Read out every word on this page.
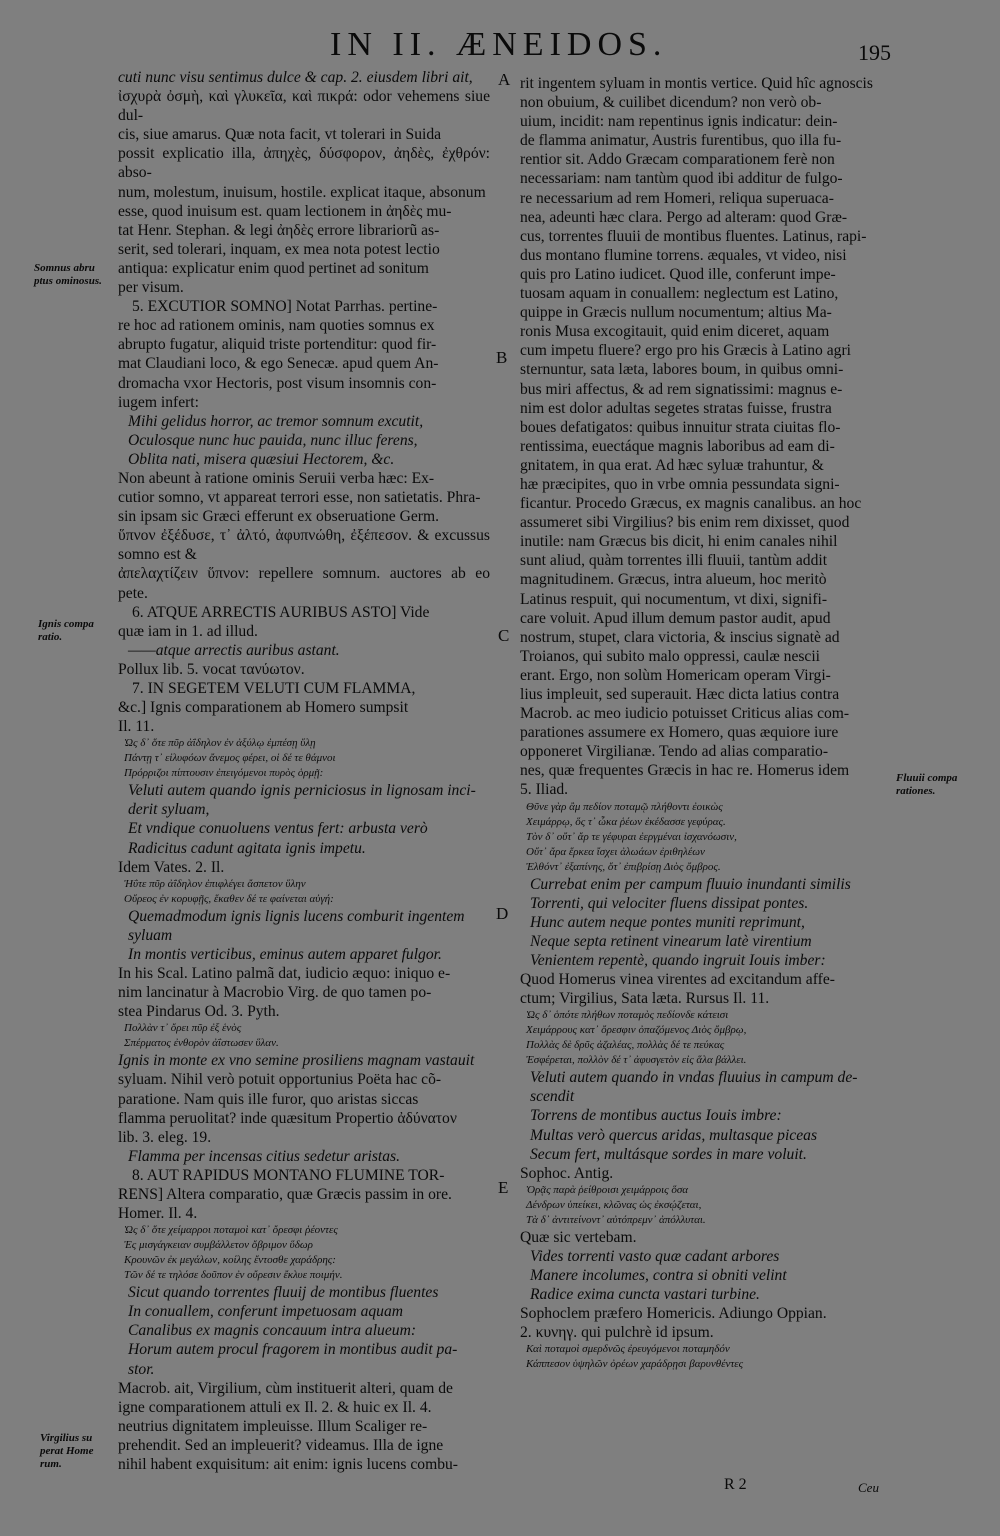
IN II. ÆNEIDOS.	195

cuti nunc visu sentimus dulce & cap. 2. eiusdem libri ait,

ἰσχυρὰ ὀσμὴ, καὶ γλυκεῖα, καὶ πικρά: odor vehemens siue dul-

cis, siue amarus. Quæ nota facit, vt tolerari in Suida

possit explicatio illa, ἀπηχὲς, δύσφορον, ἀηδὲς, ἐχθρόν: abso-

num, molestum, inuisum, hostile. explicat itaque, absonum

esse, quod inuisum est. quam lectionem in ἀηδὲς mu-

tat Henr. Stephan. & legi ἀηδὲς errore librariorũ as-

serit, sed tolerari, inquam, ex mea nota potest lectio

antiqua: explicatur enim quod pertinet ad sonitum

per visum.

5. EXCUTIOR SOMNO] Notat Parrhas. pertine-

re hoc ad rationem ominis, nam quoties somnus ex

abrupto fugatur, aliquid triste portenditur: quod fir-

mat Claudiani loco, & ego Senecæ. apud quem An-

dromacha vxor Hectoris, post visum insomnis con-

iugem infert:

Mihi gelidus horror, ac tremor somnum excutit,

Oculosque nunc huc pauida, nunc illuc ferens,

Oblita nati, misera quæsiui Hectorem, &c.

Non abeunt à ratione ominis Seruii verba hæc: Ex-

cutior somno, vt appareat terrori esse, non satietatis. Phra-

sin ipsam sic Græci efferunt ex obseruatione Germ.

ὕπνον ἐξέδυσε, τ᾽ ἀλτό, ἀφυπνώθη, ἐξέπεσον. & excussus somno est &

ἀπελαχτίζειν ὕπνον: repellere somnum. auctores ab eo pete.

6. ATQUE ARRECTIS AURIBUS ASTO] Vide

quæ iam in 1. ad illud.

——atque arrectis auribus astant.

Pollux lib. 5. vocat τανύωτον.

7. IN SEGETEM VELUTI CUM FLAMMA,

&c.] Ignis comparationem ab Homero sumpsit

Il. 11.

Ὡς δ᾽ ὅτε πῦρ ἀΐδηλον ἐν ἀξύλῳ ἐμπέσῃ ὕλῃ

Πάντῃ τ᾽ εἰλυφόων ἄνεμος φέρει, οἱ δέ τε θάμνοι

Πρόρριζοι πίπτουσιν ἐπειγόμενοι πυρὸς ὁρμῇ:

Veluti autem quando ignis perniciosus in lignosam inci-

derit syluam,

Et vndique conuoluens ventus fert: arbusta verò

Radicitus cadunt agitata ignis impetu.

Idem Vates. 2. Il.

Ἠΰτε πῦρ ἀΐδηλον ἐπιφλέγει ἄσπετον ὕλην

Οὔρεος ἐν κορυφῇς, ἕκαθεν δέ τε φαίνεται αὐγή:

Quemadmodum ignis lignis lucens comburit ingentem

syluam

In montis verticibus, eminus autem apparet fulgor.

In his Scal. Latino palmã dat, iudicio æquo: iniquo e-

nim lancinatur à Macrobio Virg. de quo tamen po-

stea Pindarus Od. 3. Pyth.

Πολλὰν τ᾽ ὄρει πῦρ ἐξ ἑνὸς

Σπέρματος ἐνθορὸν ἀΐστωσεν ὕλαν.

Ignis in monte ex vno semine prosiliens magnam vastauit

syluam. Nihil verò potuit opportunius Poëta hac cõ-

paratione. Nam quis ille furor, quo aristas siccas

flamma peruolitat? inde quæsitum Propertio ἀδύνατον

lib. 3. eleg. 19.

Flamma per incensas citius sedetur aristas.

8. AUT RAPIDUS MONTANO FLUMINE TOR-

RENS] Altera comparatio, quæ Græcis passim in ore.

Homer. Il. 4.

Ὡς δ᾽ ὅτε χείμαρροι ποταμοὶ κατ᾽ ὄρεσφι ῥέοντες

Ἐς μισγάγκειαν συμβάλλετον ὄβριμον ὕδωρ

Κρουνῶν ἐκ μεγάλων, κοίλης ἔντοσθε χαράδρης:

Τῶν δέ τε τηλόσε δοῦπον ἐν οὔρεσιν ἔκλυε ποιμήν.

Sicut quando torrentes fluuij de montibus fluentes

In conuallem, conferunt impetuosam aquam

Canalibus ex magnis concauum intra alueum:

Horum autem procul fragorem in montibus audit pa-

stor.

Macrob. ait, Virgilium, cùm instituerit alteri, quam de

igne comparationem attuli ex Il. 2. & huic ex Il. 4.

neutrius dignitatem impleuisse. Illum Scaliger re-

prehendit. Sed an impleuerit? videamus. Illa de igne

nihil habent exquisitum: ait enim: ignis lucens combu-

rit ingentem syluam in montis vertice. Quid hîc agnoscis

non obuium, & cuilibet dicendum? non verò ob-

uium, incidit: nam repentinus ignis indicatur: dein-

de flamma animatur, Austris furentibus, quo illa fu-

rentior sit. Addo Græcam comparationem ferè non

necessariam: nam tantùm quod ibi additur de fulgo-

re necessarium ad rem Homeri, reliqua superuaca-

nea, adeunti hæc clara. Pergo ad alteram: quod Græ-

cus, torrentes fluuii de montibus fluentes. Latinus, rapi-

dus montano flumine torrens. æquales, vt video, nisi

quis pro Latino iudicet. Quod ille, conferunt impe-

tuosam aquam in conuallem: neglectum est Latino,

quippe in Græcis nullum nocumentum; altius Ma-

ronis Musa excogitauit, quid enim diceret, aquam

cum impetu fluere? ergo pro his Græcis à Latino agri

sternuntur, sata læta, labores boum, in quibus omni-

bus miri affectus, & ad rem signatissimi: magnus e-

nim est dolor adultas segetes stratas fuisse, frustra

boues defatigatos: quibus innuitur strata ciuitas flo-

rentissima, euectáque magnis laboribus ad eam di-

gnitatem, in qua erat. Ad hæc syluæ trahuntur, &

hæ præcipites, quo in vrbe omnia pessundata signi-

ficantur. Procedo Græcus, ex magnis canalibus. an hoc

assumeret sibi Virgilius? bis enim rem dixisset, quod

inutile: nam Græcus bis dicit, hi enim canales nihil

sunt aliud, quàm torrentes illi fluuii, tantùm addit

magnitudinem. Græcus, intra alueum, hoc meritò

Latinus respuit, qui nocumentum, vt dixi, signifi-

care voluit. Apud illum demum pastor audit, apud

nostrum, stupet, clara victoria, & inscius signatè ad

Troianos, qui subito malo oppressi, caulæ nescii

erant. Ergo, non solùm Homericam operam Virgi-

lius impleuit, sed superauit. Hæc dicta latius contra

Macrob. ac meo iudicio potuisset Criticus alias com-

parationes assumere ex Homero, quas æquiore iure

opponeret Virgilianæ. Tendo ad alias comparatio-

nes, quæ frequentes Græcis in hac re. Homerus idem

5. Iliad.

Θῦνε γὰρ ἂμ πεδίον ποταμῷ πλήθοντι ἐοικὼς

Χειμάρρῳ, ὅς τ᾽ ὦκα ῥέων ἐκέδασσε γεφύρας.

Τὸν δ᾽ οὔτ᾽ ἄρ τε γέφυραι ἐεργμέναι ἰσχανόωσιν,

Οὔτ᾽ ἄρα ἕρκεα ἴσχει ἀλωάων ἐριθηλέων

Ἐλθόντ᾽ ἐξαπίνης, ὅτ᾽ ἐπιβρίσῃ Διὸς ὄμβρος.

Currebat enim per campum fluuio inundanti similis

Torrenti, qui velociter fluens dissipat pontes.

Hunc autem neque pontes muniti reprimunt,

Neque septa retinent vinearum latè virentium

Venientem repentè, quando ingruit Iouis imber:

Quod Homerus vinea virentes ad excitandum affe-

ctum; Virgilius, Sata læta. Rursus Il. 11.

Ὡς δ᾽ ὁπότε πλήθων ποταμὸς πεδίονδε κάτεισι

Χειμάρρους κατ᾽ ὄρεσφιν ὀπαζόμενος Διὸς ὄμβρῳ,

Πολλὰς δὲ δρῦς ἀζαλέας, πολλὰς δέ τε πεύκας

Ἐσφέρεται, πολλὸν δέ τ᾽ ἀφυσγετὸν εἰς ἅλα βάλλει.

Veluti autem quando in vndas fluuius in campum de-

scendit

Torrens de montibus auctus Iouis imbre:

Multas verò quercus aridas, multasque piceas

Secum fert, multásque sordes in mare voluit.

Sophoc. Antig.

Ὁρᾷς παρὰ ῥείθροισι χειμάρροις ὅσα

Δένδρων ὑπείκει, κλῶνας ὡς ἐκσῴζεται,

Τὰ δ᾽ ἀντιτείνοντ᾽ αὐτόπρεμν᾽ ἀπόλλυται.

Quæ sic vertebam.

Vides torrenti vasto quæ cadant arbores

Manere incolumes, contra si obniti velint

Radice exima cuncta vastari turbine.

Sophoclem præfero Homericis. Adiungo Oppian.

2. κυνηγ. qui pulchrè id ipsum.

Καὶ ποταμοὶ σμερδνῶς ἐρευγόμενοι ποταμηδόν

Κάππεσον ὑψηλῶν ὀρέων χαράδρῃσι βαρυνθέντες

A
B
C
D
E
Somnus abru ptus ominosus.
Ignis compa ratio.
Fluuii compa rationes.
Virgilius su perat Home rum.
R 2	Ceu
